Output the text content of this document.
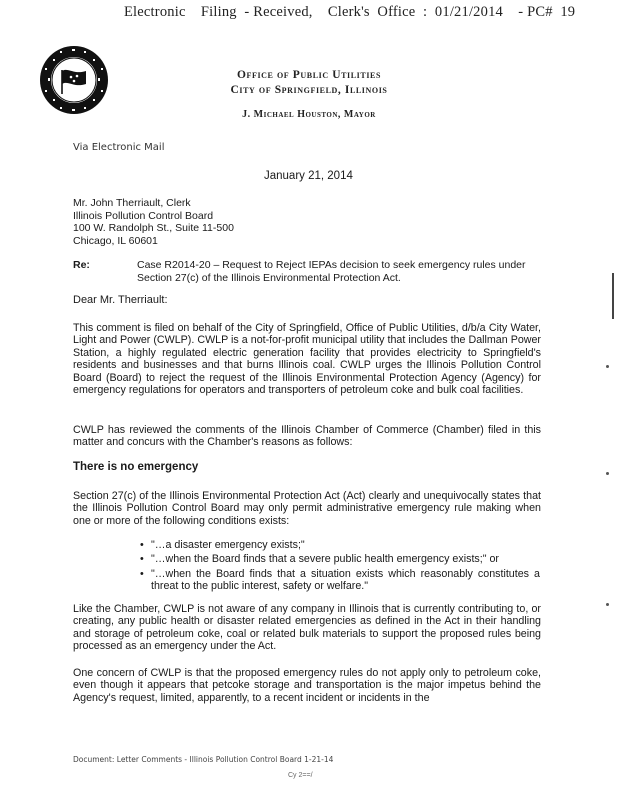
Electronic    Filing  - Received,    Clerk's  Office  :  01/21/2014    - PC#  19
Office of Public Utilities
City of Springfield, Illinois
J. Michael Houston, Mayor
Via Electronic Mail
January 21, 2014
Mr. John Therriault, Clerk
Illinois Pollution Control Board
100 W. Randolph St., Suite 11-500
Chicago, IL 60601
Re:	Case R2014-20 – Request to Reject IEPAs decision to seek emergency rules under Section 27(c) of the Illinois Environmental Protection Act.
Dear Mr. Therriault:
This comment is filed on behalf of the City of Springfield, Office of Public Utilities, d/b/a City Water, Light and Power (CWLP). CWLP is a not-for-profit municipal utility that includes the Dallman Power Station, a highly regulated electric generation facility that provides electricity to Springfield's residents and businesses and that burns Illinois coal. CWLP urges the Illinois Pollution Control Board (Board) to reject the request of the Illinois Environmental Protection Agency (Agency) for emergency regulations for operators and transporters of petroleum coke and bulk coal facilities.
CWLP has reviewed the comments of the Illinois Chamber of Commerce (Chamber) filed in this matter and concurs with the Chamber's reasons as follows:
There is no emergency
Section 27(c) of the Illinois Environmental Protection Act (Act) clearly and unequivocally states that the Illinois Pollution Control Board may only permit administrative emergency rule making when one or more of the following conditions exists:
• "…a disaster emergency exists;"
• "…when the Board finds that a severe public health emergency exists;" or
• "…when the Board finds that a situation exists which reasonably constitutes a threat to the public interest, safety or welfare."
Like the Chamber, CWLP is not aware of any company in Illinois that is currently contributing to, or creating, any public health or disaster related emergencies as defined in the Act in their handling and storage of petroleum coke, coal or related bulk materials to support the proposed rules being processed as an emergency under the Act.
One concern of CWLP is that the proposed emergency rules do not apply only to petroleum coke, even though it appears that petcoke storage and transportation is the major impetus behind the Agency's request, limited, apparently, to a recent incident or incidents in the
Document: Letter Comments - Illinois Pollution Control Board 1-21-14
Cy 2==/
